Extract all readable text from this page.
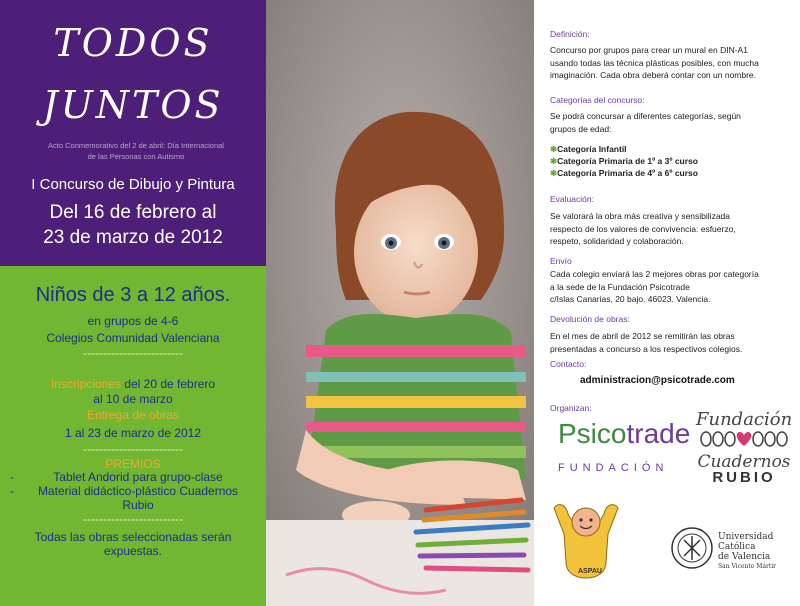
TODOS
JUNTOS
Acto Conmemorativo del 2 de abril: Día Internacional
de las Personas con Autismo
I Concurso de Dibujo y Pintura
Del 16 de febrero al
23 de marzo de 2012
Niños de 3 a 12 años.
en grupos de 4-6
Colegios Comunidad Valenciana
-------------------------
Inscripciones del 20 de febrero
al 10 de marzo
Entrega de obras
1 al 23 de marzo de 2012
-------------------------
PREMIOS
-------------------------
Todas las obras seleccionadas serán
expuestas.
-	Tablet Andorid para grupo-clase
- Material didáctico-plástico Cuadernos
Rubio
Definición:
Concurso por grupos para crear un mural en DIN-A1
usando todas las técnica plásticas posibles, con mucha
imaginación. Cada obra deberá contar con un nombre.
Categorías del concurso:
Se podrá concursar a diferentes categorías, según
grupos de edad:
✱Categoría Infantil
✱Categoría Primaria de 1º a 3º curso
✱Categoría Primaria de 4º a 6º curso
Evaluación:
Se valorará la obra más creativa y sensibilizada
respecto de los valores de convivencia: esfuerzo,
respeto, solidaridad y colaboración.
Envío
Cada colegio enviará las 2 mejores obras por categoría
a la sede de la Fundación Psicotrade
c/Islas Canarias, 20 bajo. 46023. Valencia.
Devolución de obras:
En el mes de abril de 2012 se remitirán las obras
presentadas a concurso a los respectivos colegios.
Contacto:
administracion@psicotrade.com
Organizan:
Psicotrade
FUNDACIÓN
Fundación
Cuadernos
RUBIO
ASPAU
Universidad
Católica
de Valencia
San Vicente Mártir
